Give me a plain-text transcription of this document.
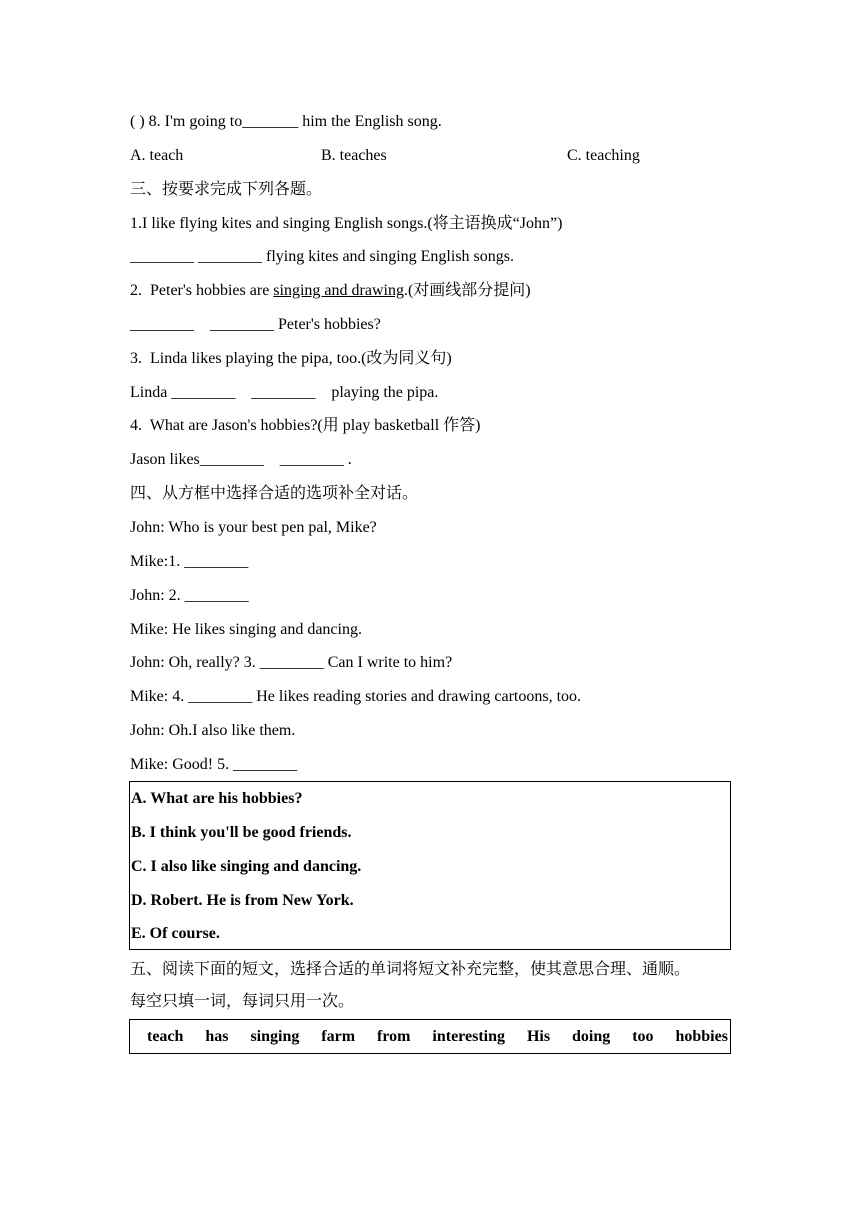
( ) 8. I'm going to_______ him the English song.
A. teach	B. teaches	C. teaching
三、按要求完成下列各题。
1.I like flying kites and singing English songs.(将主语换成“John”)
________ ________ flying kites and singing English songs.
2.  Peter's hobbies are singing and drawing.(对画线部分提问)
________    ________ Peter's hobbies?
3.  Linda likes playing the pipa, too.(改为同义句)
Linda ________    ________    playing the pipa.
4.  What are Jason's hobbies?(用 play basketball 作答)
Jason likes________    ________ .
四、从方框中选择合适的选项补全对话。
John: Who is your best pen pal, Mike?
Mike:1. ________
John: 2. ________
Mike: He likes singing and dancing.
John: Oh, really? 3. ________ Can I write to him?
Mike: 4. ________ He likes reading stories and drawing cartoons, too.
John: Oh.I also like them.
Mike: Good! 5. ________
A. What are his hobbies?
B. I think you'll be good friends.
C. I also like singing and dancing.
D. Robert. He is from New York.
E. Of course.
五、阅读下面的短文，选择合适的单词将短文补充完整，使其意思合理、通顺。
每空只填一词，每词只用一次。
teach has singing farm from interesting His doing too hobbies
